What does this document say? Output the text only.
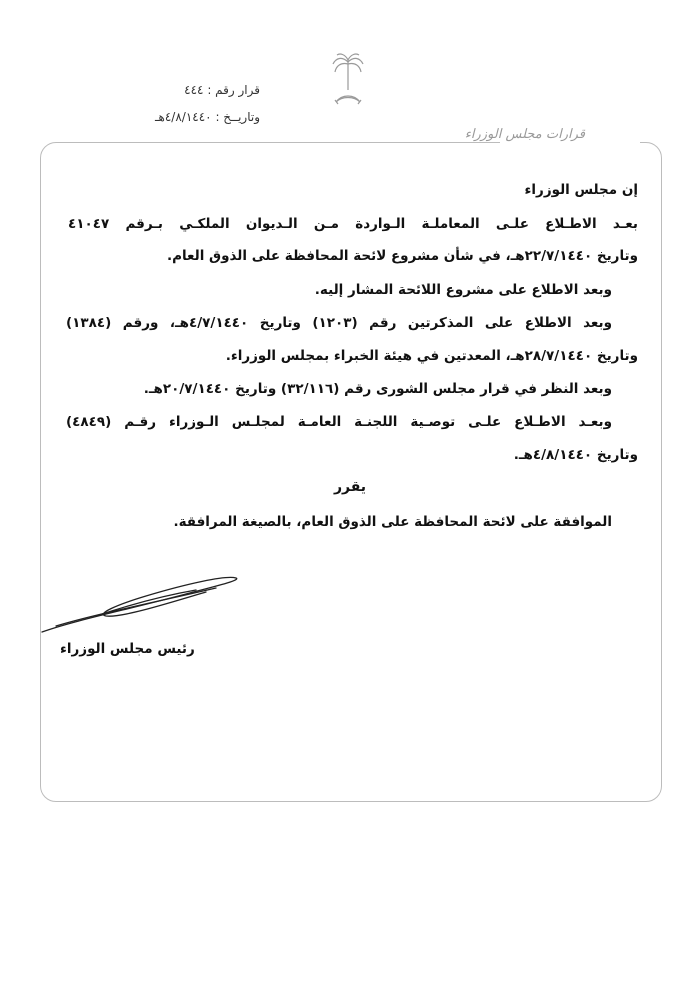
قرار رقم : ٤٤٤
وتاريــخ : ٤/٨/١٤٤٠هـ
قرارات مجلس الوزراء
إن مجلس الوزراء
بعـد الاطـلاع علـى المعاملـة الـواردة مـن الـديوان الملكـي بـرقم ٤١٠٤٧
وتاريخ ٢٢/٧/١٤٤٠هـ، في شأن مشروع لائحة المحافظة على الذوق العام.
وبعد الاطلاع على مشروع اللائحة المشار إليه.
وبعد الاطلاع على المذكرتين رقم (١٢٠٣) وتاريخ ٤/٧/١٤٤٠هـ، ورقم (١٣٨٤)
وتاريخ ٢٨/٧/١٤٤٠هـ، المعدتين في هيئة الخبراء بمجلس الوزراء.
وبعد النظر في قرار مجلس الشورى رقم (٣٢/١١٦) وتاريخ ٢٠/٧/١٤٤٠هـ.
وبعـد الاطـلاع علـى توصـية اللجنـة العامـة لمجلـس الـوزراء رقـم (٤٨٤٩)
وتاريخ ٤/٨/١٤٤٠هـ.
يقرر
الموافقة على لائحة المحافظة على الذوق العام، بالصيغة المرافقة.
رئيس مجلس الوزراء
